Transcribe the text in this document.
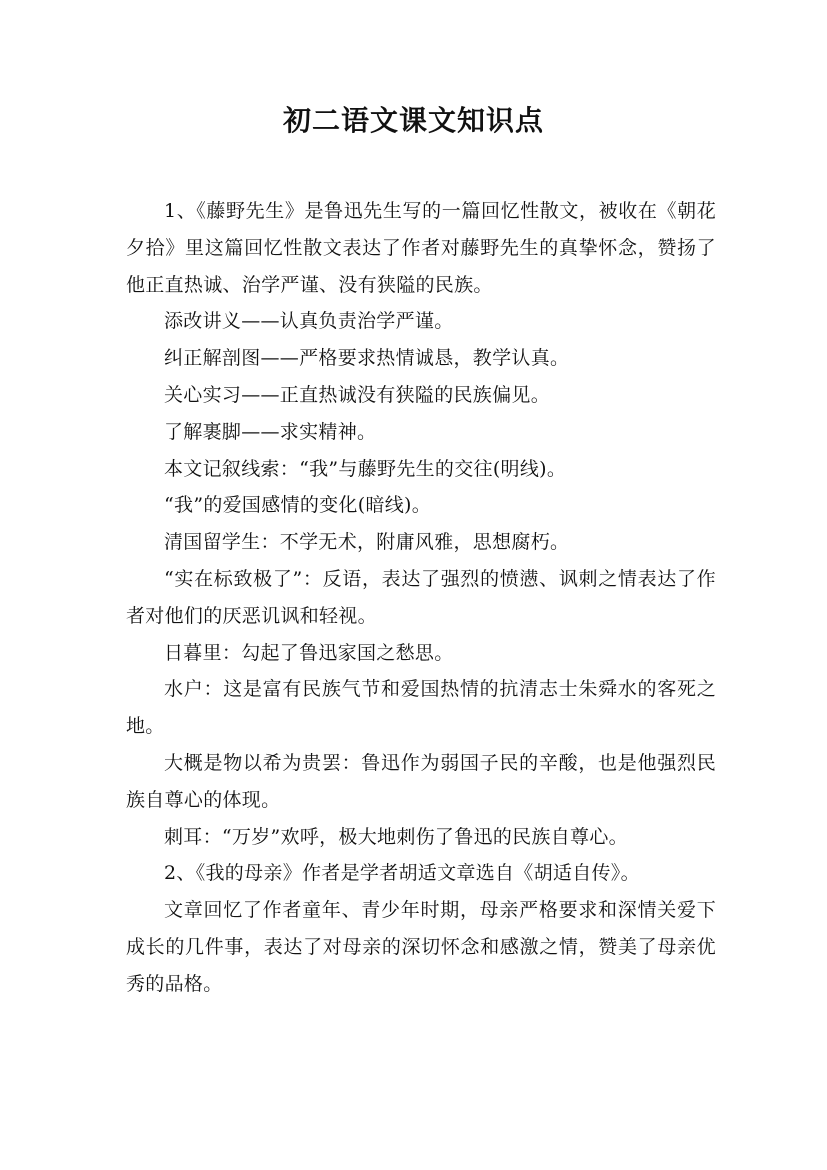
初二语文课文知识点

1、《藤野先生》是鲁迅先生写的一篇回忆性散文，被收在《朝花夕拾》里这篇回忆性散文表达了作者对藤野先生的真挚怀念，赞扬了他正直热诚、治学严谨、没有狭隘的民族。

添改讲义——认真负责治学严谨。

纠正解剖图——严格要求热情诚恳，教学认真。

关心实习——正直热诚没有狭隘的民族偏见。

了解裹脚——求实精神。

本文记叙线索：“我”与藤野先生的交往(明线)。

“我”的爱国感情的变化(暗线)。

清国留学生：不学无术，附庸风雅，思想腐朽。

“实在标致极了”：反语，表达了强烈的愤懑、讽刺之情表达了作者对他们的厌恶讥讽和轻视。

日暮里：勾起了鲁迅家国之愁思。

水户：这是富有民族气节和爱国热情的抗清志士朱舜水的客死之地。

大概是物以希为贵罢：鲁迅作为弱国子民的辛酸，也是他强烈民族自尊心的体现。

刺耳：“万岁”欢呼，极大地刺伤了鲁迅的民族自尊心。

2、《我的母亲》作者是学者胡适文章选自《胡适自传》。

文章回忆了作者童年、青少年时期，母亲严格要求和深情关爱下成长的几件事，表达了对母亲的深切怀念和感激之情，赞美了母亲优秀的品格。
